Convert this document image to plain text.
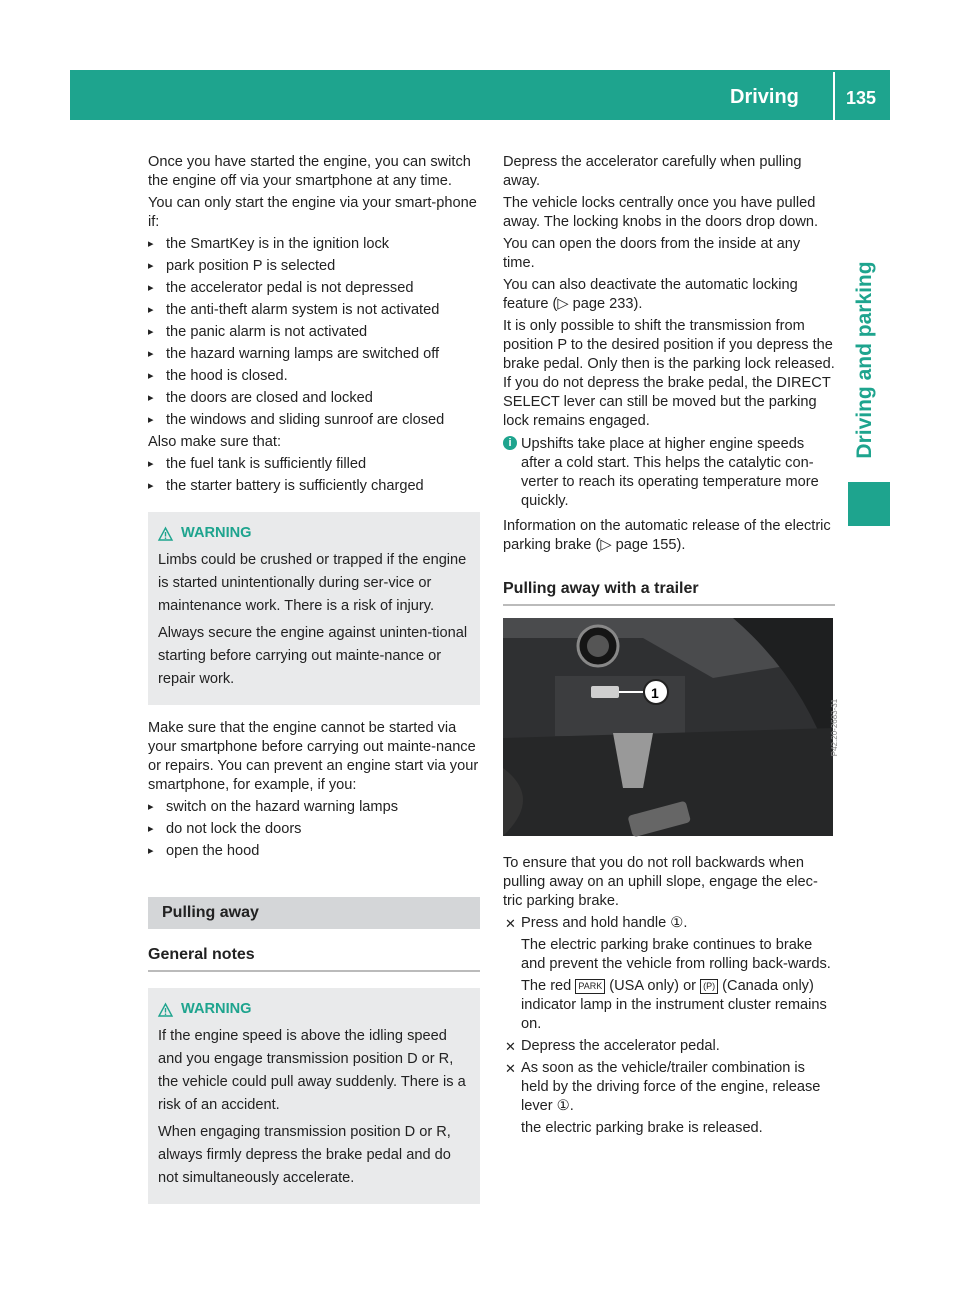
Driving	135
Driving and parking

Once you have started the engine, you can switch the engine off via your smartphone at any time.

You can only start the engine via your smart-phone if:

▸ the SmartKey is in the ignition lock
▸ park position P is selected
▸ the accelerator pedal is not depressed
▸ the anti-theft alarm system is not activated
▸ the panic alarm is not activated
▸ the hazard warning lamps are switched off
▸ the hood is closed.
▸ the doors are closed and locked
▸ the windows and sliding sunroof are closed

Also make sure that:

▸ the fuel tank is sufficiently filled
▸ the starter battery is sufficiently charged
WARNING

Limbs could be crushed or trapped if the engine is started unintentionally during ser-vice or maintenance work. There is a risk of injury.

Always secure the engine against uninten-tional starting before carrying out mainte-nance or repair work.

Make sure that the engine cannot be started via your smartphone before carrying out mainte-nance or repairs. You can prevent an engine start via your smartphone, for example, if you:

▸ switch on the hazard warning lamps
▸ do not lock the doors
▸ open the hood
Pulling away
General notes
WARNING

If the engine speed is above the idling speed and you engage transmission position D or R, the vehicle could pull away suddenly. There is a risk of an accident.

When engaging transmission position D or R, always firmly depress the brake pedal and do not simultaneously accelerate.

Depress the accelerator carefully when pulling away.

The vehicle locks centrally once you have pulled away. The locking knobs in the doors drop down.

You can open the doors from the inside at any time.

You can also deactivate the automatic locking feature (▷ page 233).

It is only possible to shift the transmission from position P to the desired position if you depress the brake pedal. Only then is the parking lock released. If you do not depress the brake pedal, the DIRECT SELECT lever can still be moved but the parking lock remains engaged.

i Upshifts take place at higher engine speeds after a cold start. This helps the catalytic con-verter to reach its operating temperature more quickly.

Information on the automatic release of the electric parking brake (▷ page 155).

Pulling away with a trailer
1
P42.20-2683-31

To ensure that you do not roll backwards when pulling away on an uphill slope, engage the elec-tric parking brake.

✕ Press and hold handle ①.

The electric parking brake continues to brake and prevent the vehicle from rolling back-wards.

The red PARK (USA only) or (P) (Canada only) indicator lamp in the instrument cluster remains on.

✕ Depress the accelerator pedal.
✕ As soon as the vehicle/trailer combination is held by the driving force of the engine, release lever ①.

the electric parking brake is released.
